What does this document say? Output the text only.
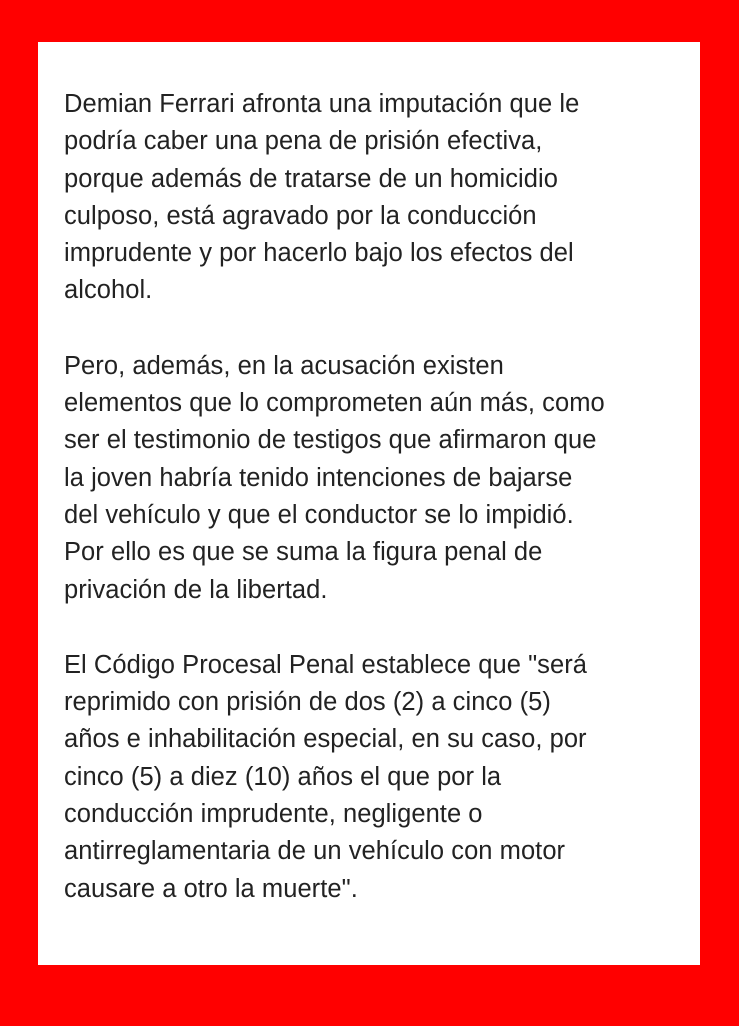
Demian Ferrari afronta una imputación que le
podría caber una pena de prisión efectiva,
porque además de tratarse de un homicidio
culposo, está agravado por la conducción
imprudente y por hacerlo bajo los efectos del
alcohol.

Pero, además, en la acusación existen
elementos que lo comprometen aún más, como
ser el testimonio de testigos que afirmaron que
la joven habría tenido intenciones de bajarse
del vehículo y que el conductor se lo impidió.
Por ello es que se suma la figura penal de
privación de la libertad.

El Código Procesal Penal establece que "será
reprimido con prisión de dos (2) a cinco (5)
años e inhabilitación especial, en su caso, por
cinco (5) a diez (10) años el que por la
conducción imprudente, negligente o
antirreglamentaria de un vehículo con motor
causare a otro la muerte".
